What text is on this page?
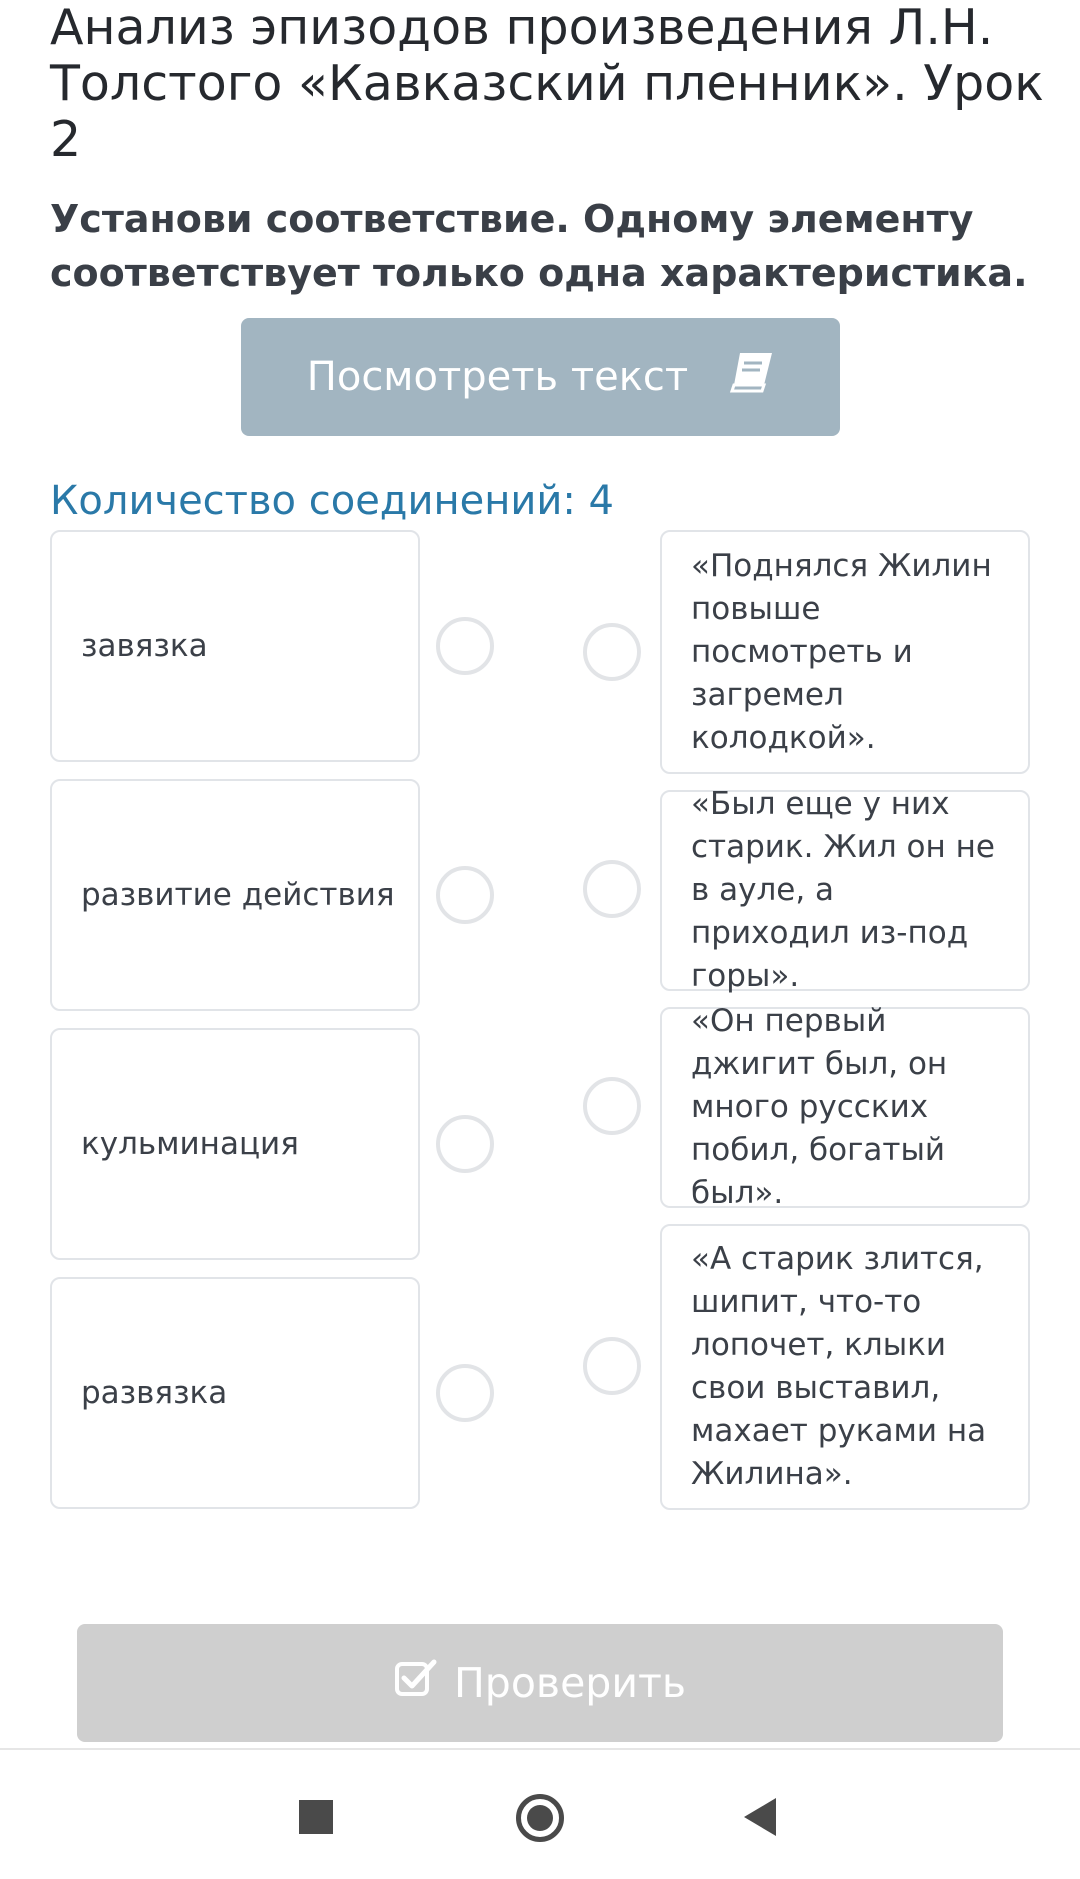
Анализ эпизодов произведения Л.Н. Толстого «Кавказский пленник». Урок 2
Установи соответствие. Одному элементу соответствует только одна характеристика.
Посмотреть текст
Количество соединений: 4
завязка
развитие действия
кульминация
развязка
«Поднялся Жилин повыше посмотреть и загремел колодкой».
«Был еще у них старик. Жил он не в ауле, а приходил из-под горы».
«Он первый джигит был, он много русских побил, богатый был».
«А старик злится, шипит, что-то лопочет, клыки свои выставил, махает руками на Жилина».
Проверить
